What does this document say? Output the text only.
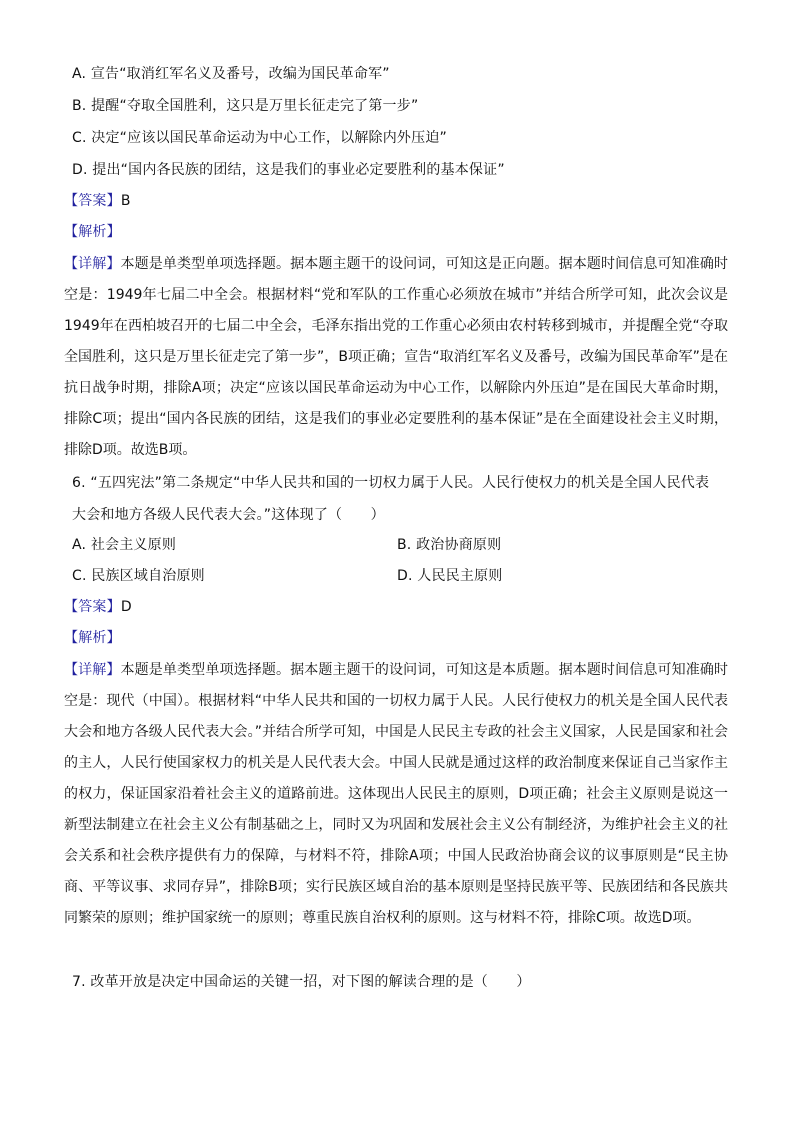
A. 宣告“取消红军名义及番号，改编为国民革命军”
B. 提醒“夺取全国胜利，这只是万里长征走完了第一步”
C. 决定“应该以国民革命运动为中心工作，以解除内外压迫”
D. 提出“国内各民族的团结，这是我们的事业必定要胜利的基本保证”
【答案】B
【解析】
【详解】本题是单类型单项选择题。据本题主题干的设问词，可知这是正向题。据本题时间信息可知准确时空是：1949年七届二中全会。根据材料“党和军队的工作重心必须放在城市”并结合所学可知，此次会议是1949年在西柏坡召开的七届二中全会，毛泽东指出党的工作重心必须由农村转移到城市，并提醒全党“夺取全国胜利，这只是万里长征走完了第一步”，B项正确；宣告“取消红军名义及番号，改编为国民革命军”是在抗日战争时期，排除A项；决定“应该以国民革命运动为中心工作，以解除内外压迫”是在国民大革命时期，排除C项；提出“国内各民族的团结，这是我们的事业必定要胜利的基本保证”是在全面建设社会主义时期，排除D项。故选B项。
6. “五四宪法”第二条规定“中华人民共和国的一切权力属于人民。人民行使权力的机关是全国人民代表
大会和地方各级人民代表大会。”这体现了（　　）
A. 社会主义原则	B. 政治协商原则
C. 民族区域自治原则	D. 人民民主原则
【答案】D
【解析】
【详解】本题是单类型单项选择题。据本题主题干的设问词，可知这是本质题。据本题时间信息可知准确时空是：现代（中国）。根据材料“中华人民共和国的一切权力属于人民。人民行使权力的机关是全国人民代表大会和地方各级人民代表大会。”并结合所学可知，中国是人民民主专政的社会主义国家，人民是国家和社会的主人，人民行使国家权力的机关是人民代表大会。中国人民就是通过这样的政治制度来保证自己当家作主的权力，保证国家沿着社会主义的道路前进。这体现出人民民主的原则，D项正确；社会主义原则是说这一新型法制建立在社会主义公有制基础之上，同时又为巩固和发展社会主义公有制经济，为维护社会主义的社会关系和社会秩序提供有力的保障，与材料不符，排除A项；中国人民政治协商会议的议事原则是“民主协商、平等议事、求同存异”，排除B项；实行民族区域自治的基本原则是坚持民族平等、民族团结和各民族共同繁荣的原则；维护国家统一的原则；尊重民族自治权利的原则。这与材料不符，排除C项。故选D项。
7. 改革开放是决定中国命运的关键一招，对下图的解读合理的是（　　）
